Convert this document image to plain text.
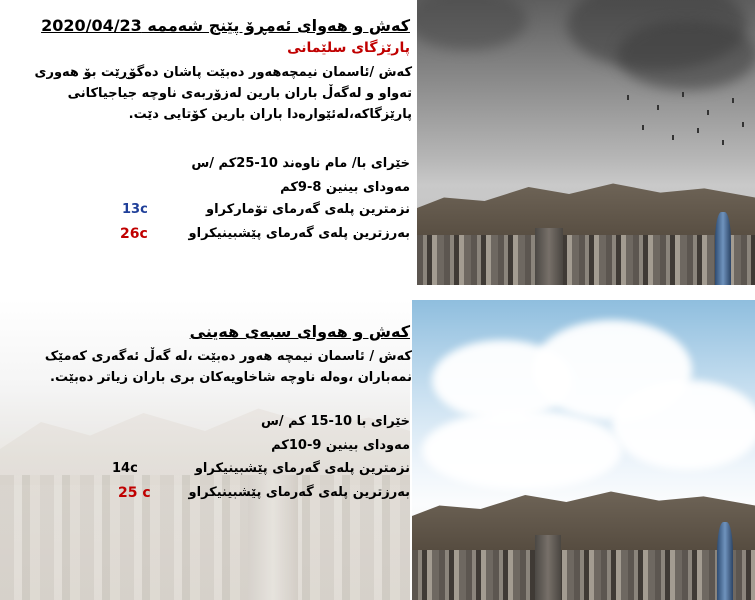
کەش و هەوای ئەمڕۆ پێنج شەممە 2020/04/23
پارێزگای سلێمانی
کەش /ئاسمان نیمچەهەور دەبێت پاشان دەگۆڕێت بۆ هەوری تەواو و لەگەڵ باران بارین لەزۆربەی ناوچە جیاجیاکانی پارێزگاکە،لەئێوارەدا باران بارین کۆتایی دێت.
خێرای با/ مام ناوەند 10-25کم /س
مەودای بینین 8-9کم
نزمترین پلەی گەرمای تۆمارکراو
13c
بەرزترین پلەی گەرمای پێشبینیکراو
26c
کەش و هەوای سبەی هەینی
کەش / ئاسمان نیمچە هەور دەبێت ،لە گەڵ ئەگەری کەمێک نمەباران ،وەلە ناوچە شاخاویەکان بری باران زیاتر دەبێت.
خێرای با 10-15 کم /س
مەودای بینین 9-10کم
نزمترین پلەی گەرمای پێشبینیکراو
14c
بەرزترین پلەی گەرمای پێشبینیکراو
25 c
